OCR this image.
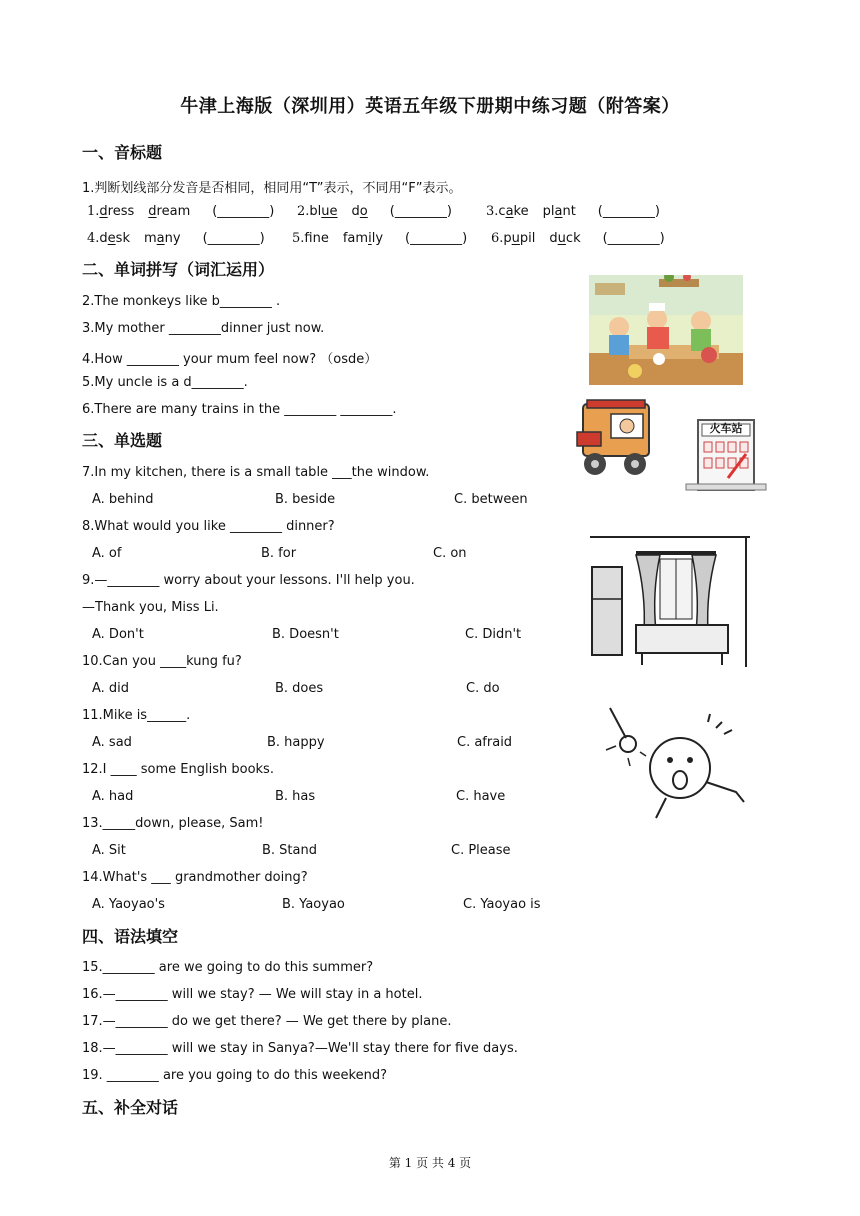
牛津上海版（深圳用）英语五年级下册期中练习题（附答案）
一、音标题
1.判断划线部分发音是否相同，相同用“T”表示，不同用“F”表示。
1.dress dream (________) 2.blue do (________)	3.cake plant (________)
4.desk many (________) 5.fne family (________) 6.pupil duck (________)
二、单词拼写（词汇运用）
2.The monkeys like b________ .
3.My mother ________dinner just now.
4.How ________ your mum feel now? （osde）
5.My uncle is a d________.
6.There are many trains in the ________ ________.
三、单选题
7.In my kitchen, there is a small table ___the window.
A. behind	B. beside	C. between
8.What would you like ________ dinner?
A. of	B. for	C. on
9.—________ worry about your lessons. I'll help you.
—Thank you, Miss Li.
A. Don't	B. Doesn't	C. Didn't
10.Can you ____kung fu?
A. did	B. does	C. do
11.Mike is______.
A. sad	B. happy	C. afraid
12.I ____ some English books.
A. had	B. has	C. have
13._____down, please, Sam!
A. Sit	B. Stand	C. Please
14.What's ___ grandmother doing?
A. Yaoyao's	B. Yaoyao	C. Yaoyao is
四、语法填空
15.________ are we going to do this summer?
16.—________ will we stay? — We will stay in a hotel.
17.—________ do we get there? — We get there by plane.
18.—________ will we stay in Sanya?—We'll stay there for five days.
19. ________ are you going to do this weekend?
五、补全对话
第 1 页 共 4 页
火车站
